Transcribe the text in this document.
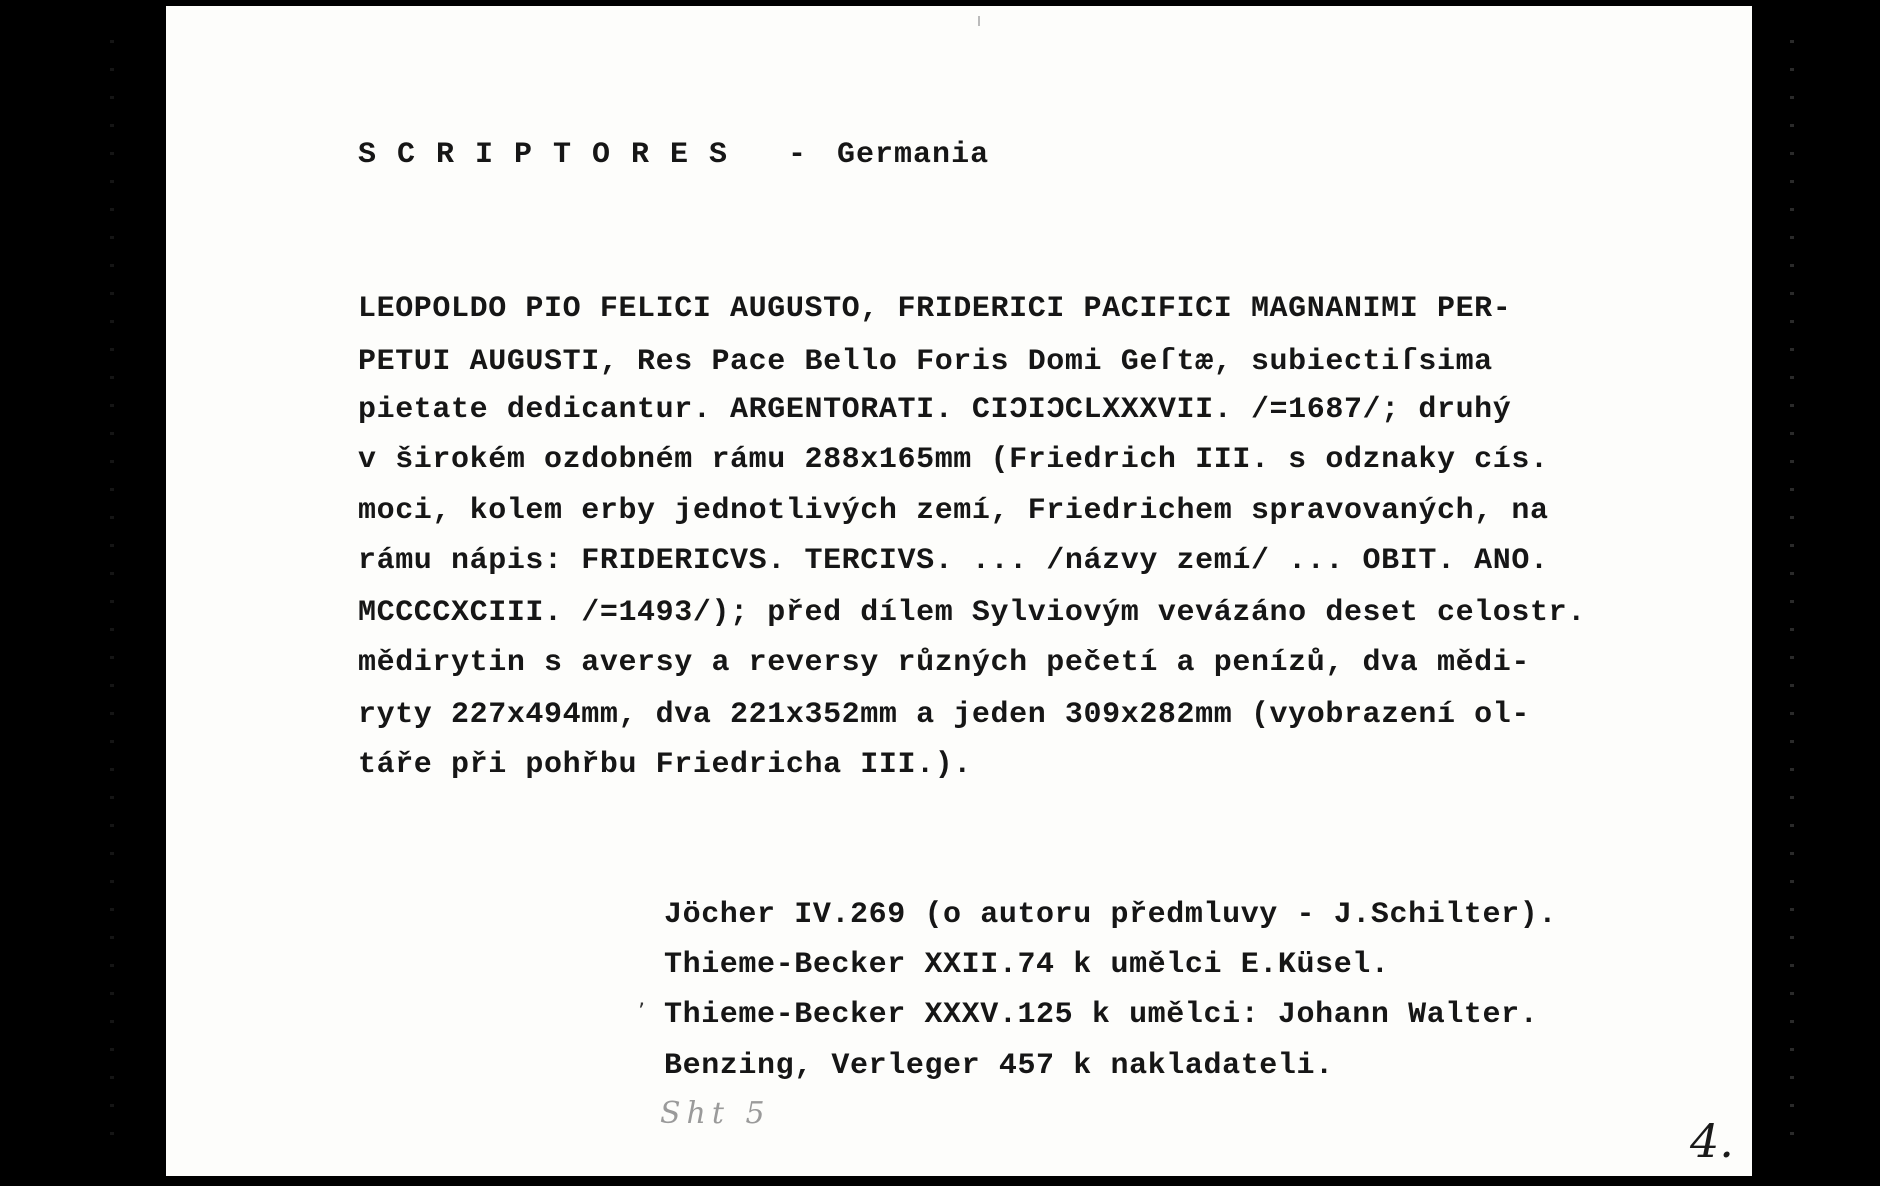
SCRIPTORES - Germania
LEOPOLDO PIO FELICI AUGUSTO, FRIDERICI PACIFICI MAGNANIMI PER-
PETUI AUGUSTI, Res Pace Bello Foris Domi Geſtæ, subiectiſsima
pietate dedicantur. ARGENTORATI. CIƆIƆCLXXXVII. /=1687/; druhý
v širokém ozdobném rámu 288x165mm (Friedrich III. s odznaky cís.
moci, kolem erby jednotlivých zemí, Friedrichem spravovaných, na
rámu nápis: FRIDERICVS. TERCIVS. ... /názvy zemí/ ... OBIT. ANO.
MCCCCXCIII. /=1493/); před dílem Sylviovým vevázáno deset celostr.
mědirytin s aversy a reversy různých pečetí a penízů, dva mědi-
ryty 227x494mm, dva 221x352mm a jeden 309x282mm (vyobrazení ol-
táře při pohřbu Friedricha III.).
Jöcher IV.269 (o autoru předmluvy - J.Schilter).
Thieme-Becker XXII.74 k umělci E.Küsel.
Thieme-Becker XXXV.125 k umělci: Johann Walter.
Benzing, Verleger 457 k nakladateli.
’
Sht 5
4.
